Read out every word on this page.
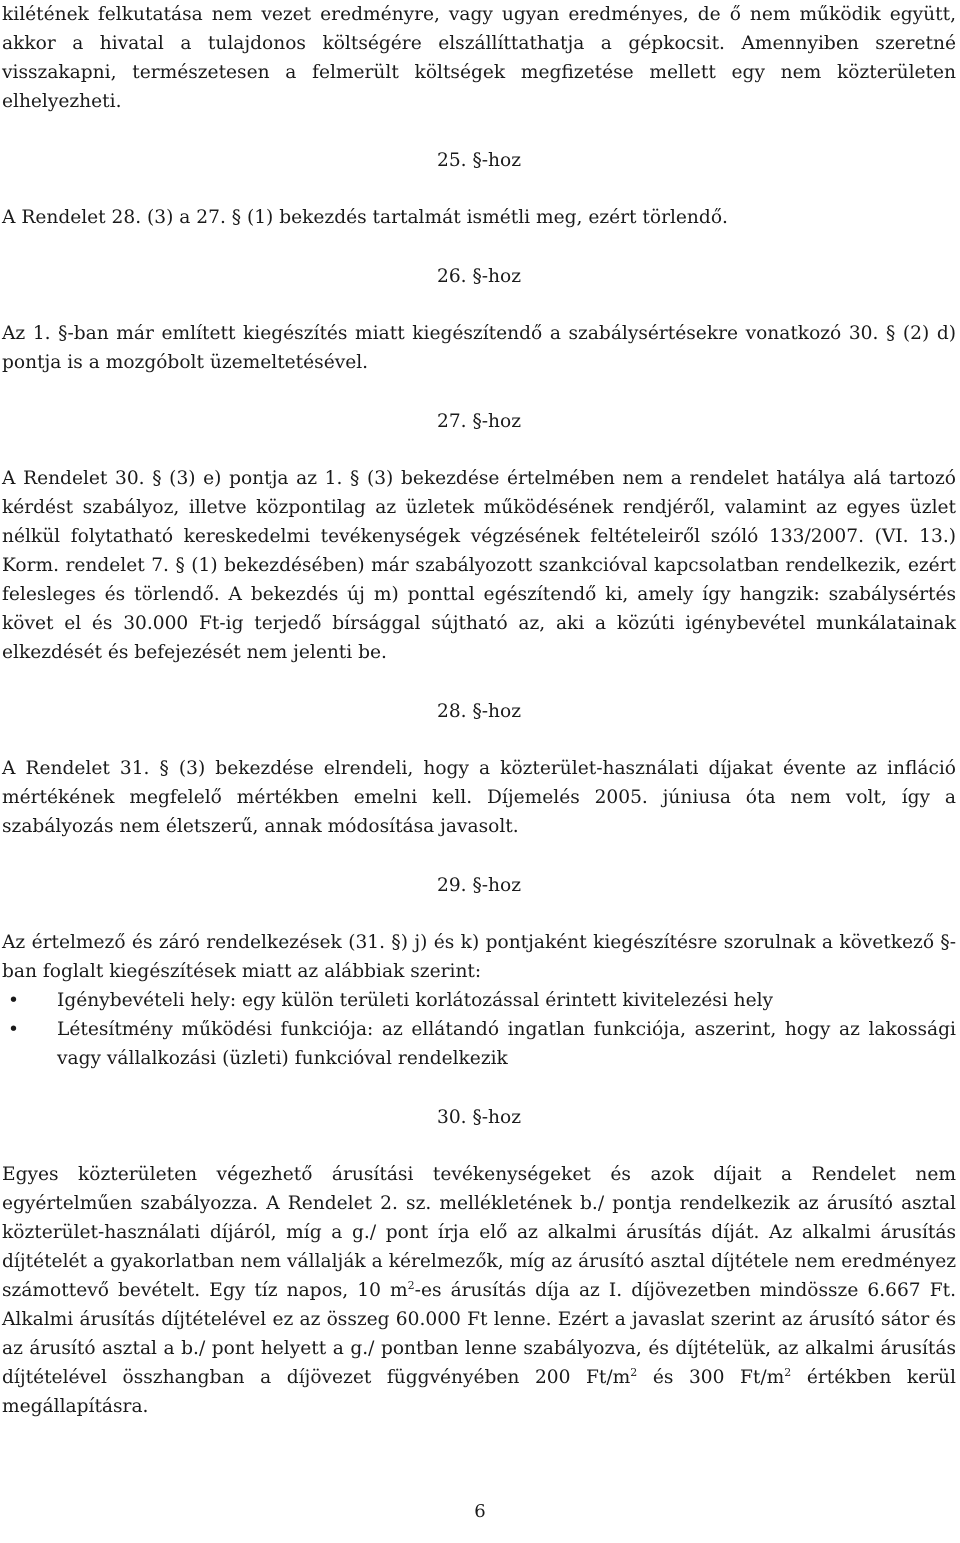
kilétének felkutatása nem vezet eredményre, vagy ugyan eredményes, de ő nem működik együtt, akkor a hivatal a tulajdonos költségére elszállíttathatja a gépkocsit. Amennyiben szeretné visszakapni, természetesen a felmerült költségek megfizetése mellett egy nem közterületen elhelyezheti.

25. §-hoz

A Rendelet 28. (3) a 27. § (1) bekezdés tartalmát ismétli meg, ezért törlendő.

26. §-hoz

Az 1. §-ban már említett kiegészítés miatt kiegészítendő a szabálysértésekre vonatkozó 30. § (2) d) pontja is a mozgóbolt üzemeltetésével.

27. §-hoz

A Rendelet 30. § (3) e) pontja az 1. § (3) bekezdése értelmében nem a rendelet hatálya alá tartozó kérdést szabályoz, illetve központilag az üzletek működésének rendjéről, valamint az egyes üzlet nélkül folytatható kereskedelmi tevékenységek végzésének feltételeiről szóló 133/2007. (VI. 13.) Korm. rendelet 7. § (1) bekezdésében) már szabályozott szankcióval kapcsolatban rendelkezik, ezért felesleges és törlendő. A bekezdés új m) ponttal egészítendő ki, amely így hangzik: szabálysértés követ el és 30.000 Ft-ig terjedő bírsággal sújtható az, aki a közúti igénybevétel munkálatainak elkezdését és befejezését nem jelenti be.

28. §-hoz

A Rendelet 31. § (3) bekezdése elrendeli, hogy a közterület-használati díjakat évente az infláció mértékének megfelelő mértékben emelni kell. Díjemelés 2005. júniusa óta nem volt, így a szabályozás nem életszerű, annak módosítása javasolt.

29. §-hoz

Az értelmező és záró rendelkezések (31. §) j) és k) pontjaként kiegészítésre szorulnak a következő §-ban foglalt kiegészítések miatt az alábbiak szerint:

• Igénybevételi hely: egy külön területi korlátozással érintett kivitelezési hely
• Létesítmény működési funkciója: az ellátandó ingatlan funkciója, aszerint, hogy az lakossági vagy vállalkozási (üzleti) funkcióval rendelkezik
30. §-hoz

Egyes közterületen végezhető árusítási tevékenységeket és azok díjait a Rendelet nem egyértelműen szabályozza. A Rendelet 2. sz. mellékletének b./ pontja rendelkezik az árusító asztal közterület-használati díjáról, míg a g./ pont írja elő az alkalmi árusítás díját. Az alkalmi árusítás díjtételét a gyakorlatban nem vállalják a kérelmezők, míg az árusító asztal díjtétele nem eredményez számottevő bevételt. Egy tíz napos, 10 $m^2-es$ árusítás díja az I. díjövezetben mindössze 6.667 Ft. Alkalmi árusítás díjtételével ez az összeg 60.000 Ft lenne. Ezért a javaslat szerint az árusító sátor és az árusító asztal a b./ pont helyett a g./ pontban lenne szabályozva, és díjtételük, az alkalmi árusítás díjtételével összhangban a díjövezet függvényében 200 $Ft/m^2$ és 300 $Ft/m^2$ értékben kerül megállapításra.

6
